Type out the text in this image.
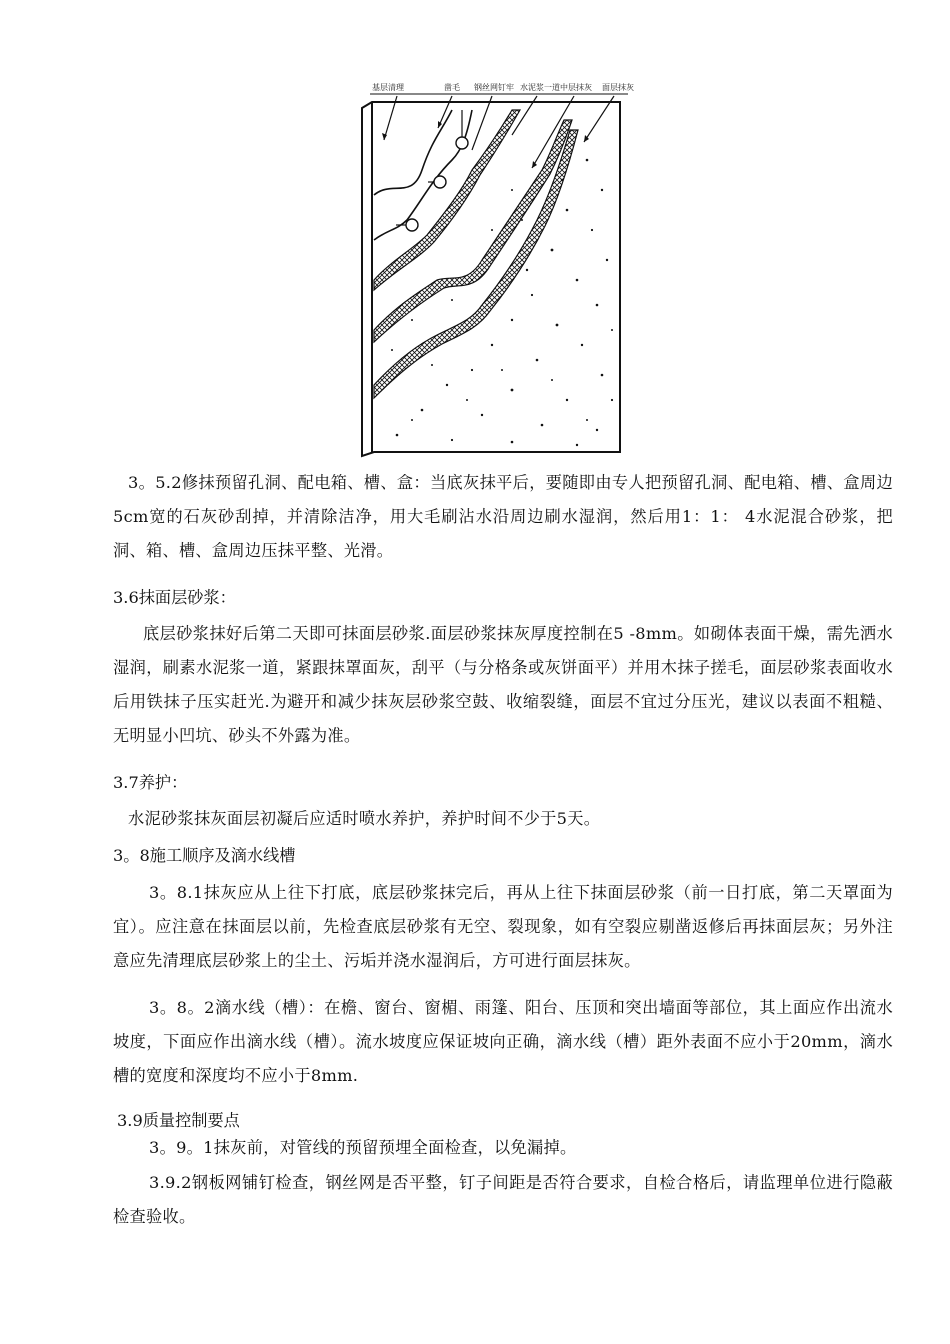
基层清理	凿毛 钢丝网钉牢 水泥浆一道 中层抹灰 面层抹灰

3。5.2修抹预留孔洞、配电箱、槽、盒：当底灰抹平后，要随即由专人把预留孔洞、配电箱、槽、盒周边5cm宽的石灰砂刮掉，并清除洁净，用大毛刷沾水沿周边刷水湿润，然后用1：1： 4水泥混合砂浆，把洞、箱、槽、盒周边压抹平整、光滑。

3.6抹面层砂浆：

底层砂浆抹好后第二天即可抹面层砂浆.面层砂浆抹灰厚度控制在5 -8mm。如砌体表面干燥，需先洒水湿润，刷素水泥浆一道，紧跟抹罩面灰，刮平（与分格条或灰饼面平）并用木抹子搓毛，面层砂浆表面收水后用铁抹子压实赶光.为避开和减少抹灰层砂浆空鼓、收缩裂缝，面层不宜过分压光，建议以表面不粗糙、无明显小凹坑、砂头不外露为准。

3.7养护：

水泥砂浆抹灰面层初凝后应适时喷水养护，养护时间不少于5天。

3。8施工顺序及滴水线槽

3。8.1抹灰应从上往下打底，底层砂浆抹完后，再从上往下抹面层砂浆（前一日打底，第二天罩面为宜）。应注意在抹面层以前，先检查底层砂浆有无空、裂现象，如有空裂应剔凿返修后再抹面层灰；另外注意应先清理底层砂浆上的尘土、污垢并浇水湿润后，方可进行面层抹灰。

3。8。2滴水线（槽）：在檐、窗台、窗楣、雨篷、阳台、压顶和突出墙面等部位，其上面应作出流水坡度，下面应作出滴水线（槽）。流水坡度应保证坡向正确，滴水线（槽）距外表面不应小于20mm，滴水槽的宽度和深度均不应小于8mm.

3.9质量控制要点

3。9。1抹灰前，对管线的预留预埋全面检查，以免漏掉。

3.9.2钢板网铺钉检查，钢丝网是否平整，钉子间距是否符合要求，自检合格后，请监理单位进行隐蔽检查验收。
